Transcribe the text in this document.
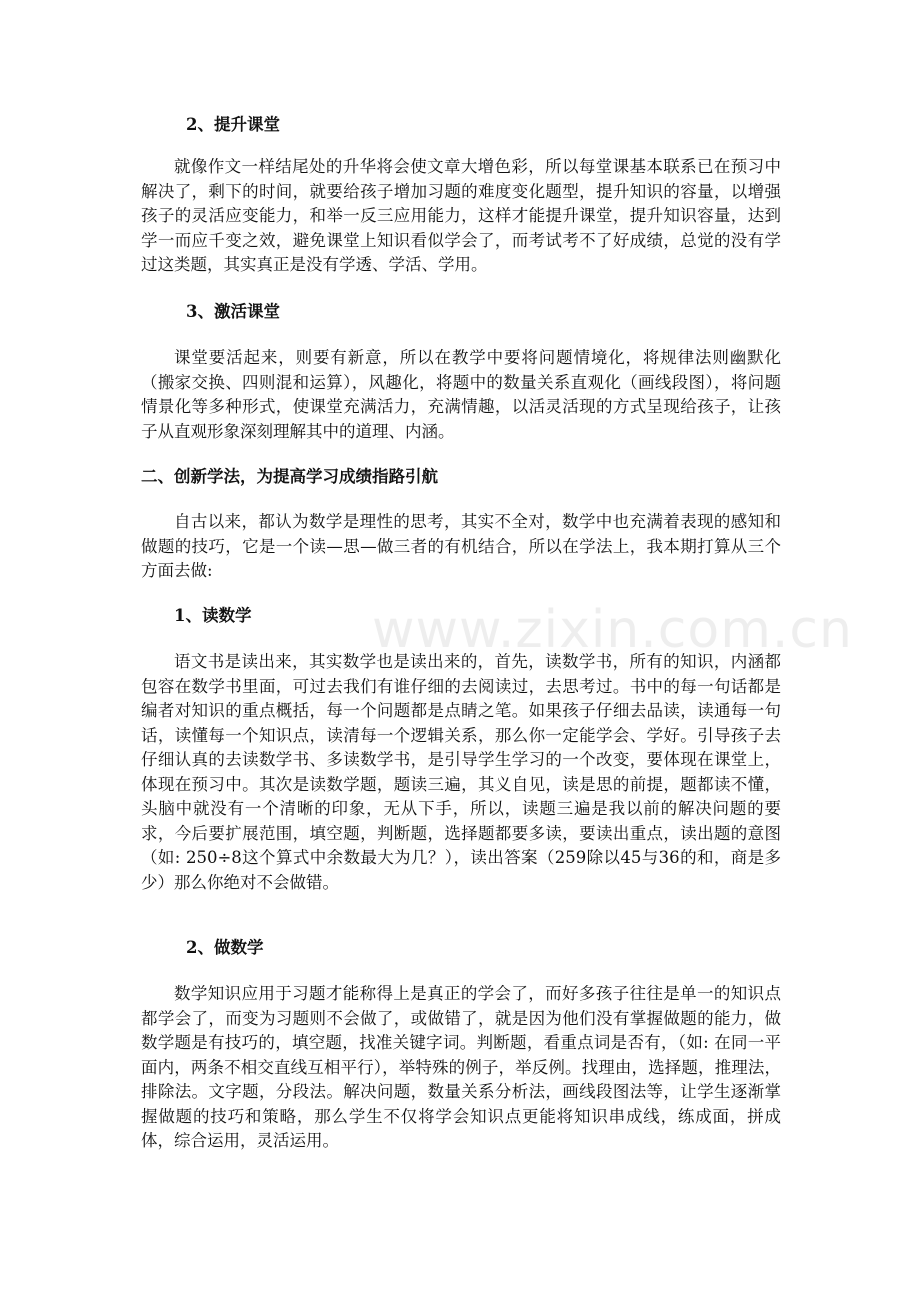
www.zixin.com.cn
2、提升课堂
就像作文一样结尾处的升华将会使文章大增色彩，所以每堂课基本联系已在预习中解决了，剩下的时间，就要给孩子增加习题的难度变化题型，提升知识的容量，以增强孩子的灵活应变能力，和举一反三应用能力，这样才能提升课堂，提升知识容量，达到学一而应千变之效，避免课堂上知识看似学会了，而考试考不了好成绩，总觉的没有学过这类题，其实真正是没有学透、学活、学用。
3、激活课堂
课堂要活起来，则要有新意，所以在教学中要将问题情境化，将规律法则幽默化（搬家交换、四则混和运算），风趣化，将题中的数量关系直观化（画线段图），将问题情景化等多种形式，使课堂充满活力，充满情趣，以活灵活现的方式呈现给孩子，让孩子从直观形象深刻理解其中的道理、内涵。
二、创新学法，为提高学习成绩指路引航
自古以来，都认为数学是理性的思考，其实不全对，数学中也充满着表现的感知和做题的技巧，它是一个读—思—做三者的有机结合，所以在学法上，我本期打算从三个方面去做:
1、读数学
语文书是读出来，其实数学也是读出来的，首先，读数学书，所有的知识，内涵都包容在数学书里面，可过去我们有谁仔细的去阅读过，去思考过。书中的每一句话都是编者对知识的重点概括，每一个问题都是点睛之笔。如果孩子仔细去品读，读通每一句话，读懂每一个知识点，读清每一个逻辑关系，那么你一定能学会、学好。引导孩子去仔细认真的去读数学书、多读数学书，是引导学生学习的一个改变，要体现在课堂上，体现在预习中。其次是读数学题，题读三遍，其义自见，读是思的前提，题都读不懂，头脑中就没有一个清晰的印象，无从下手，所以，读题三遍是我以前的解决问题的要求，今后要扩展范围，填空题，判断题，选择题都要多读，要读出重点，读出题的意图（如: 250÷8这个算式中余数最大为几？），读出答案（259除以45与36的和，商是多少）那么你绝对不会做错。
2、做数学
数学知识应用于习题才能称得上是真正的学会了，而好多孩子往往是单一的知识点都学会了，而变为习题则不会做了，或做错了，就是因为他们没有掌握做题的能力，做数学题是有技巧的，填空题，找准关键字词。判断题，看重点词是否有，（如: 在同一平面内，两条不相交直线互相平行），举特殊的例子，举反例。找理由，选择题，推理法，排除法。文字题，分段法。解决问题，数量关系分析法，画线段图法等，让学生逐渐掌握做题的技巧和策略，那么学生不仅将学会知识点更能将知识串成线，练成面，拼成体，综合运用，灵活运用。
